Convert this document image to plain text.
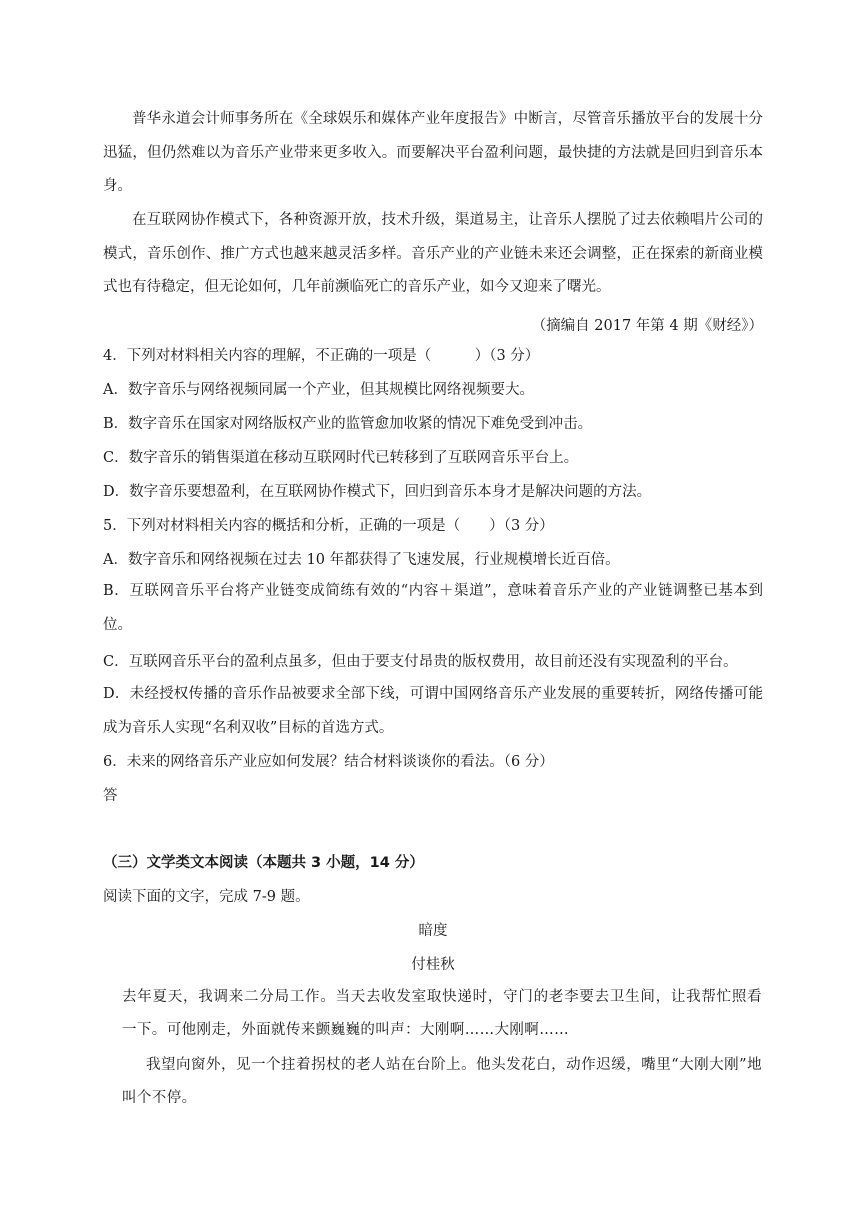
普华永道会计师事务所在《全球娱乐和媒体产业年度报告》中断言，尽管音乐播放平台的发展十分迅猛，但仍然难以为音乐产业带来更多收入。而要解决平台盈利问题，最快捷的方法就是回归到音乐本身。

在互联网协作模式下，各种资源开放，技术升级，渠道易主，让音乐人摆脱了过去依赖唱片公司的模式，音乐创作、推广方式也越来越灵活多样。音乐产业的产业链未来还会调整，正在探索的新商业模式也有待稳定，但无论如何，几年前濒临死亡的音乐产业，如今又迎来了曙光。

（摘编自 2017 年第 4 期《财经》）

4．下列对材料相关内容的理解，不正确的一项是（　　　）（3 分）

A．数字音乐与网络视频同属一个产业，但其规模比网络视频要大。

B．数字音乐在国家对网络版权产业的监管愈加收紧的情况下难免受到冲击。

C．数字音乐的销售渠道在移动互联网时代已转移到了互联网音乐平台上。

D．数字音乐要想盈利，在互联网协作模式下，回归到音乐本身才是解决问题的方法。

5．下列对材料相关内容的概括和分析，正确的一项是（　　）（3 分）

A．数字音乐和网络视频在过去 10 年都获得了飞速发展，行业规模增长近百倍。

B．互联网音乐平台将产业链变成简练有效的“内容＋渠道”，意味着音乐产业的产业链调整已基本到位。

C．互联网音乐平台的盈利点虽多，但由于要支付昂贵的版权费用，故目前还没有实现盈利的平台。

D．未经授权传播的音乐作品被要求全部下线，可谓中国网络音乐产业发展的重要转折，网络传播可能成为音乐人实现“名利双收”目标的首选方式。

6．未来的网络音乐产业应如何发展？结合材料谈谈你的看法。（6 分）

答

（三）文学类文本阅读（本题共 3 小题，14 分）

阅读下面的文字，完成 7-9 题。

暗度

付桂秋

去年夏天，我调来二分局工作。当天去收发室取快递时，守门的老李要去卫生间，让我帮忙照看一下。可他刚走，外面就传来颤巍巍的叫声：大刚啊……大刚啊……

我望向窗外，见一个拄着拐杖的老人站在台阶上。他头发花白，动作迟缓，嘴里“大刚大刚”地叫个不停。
